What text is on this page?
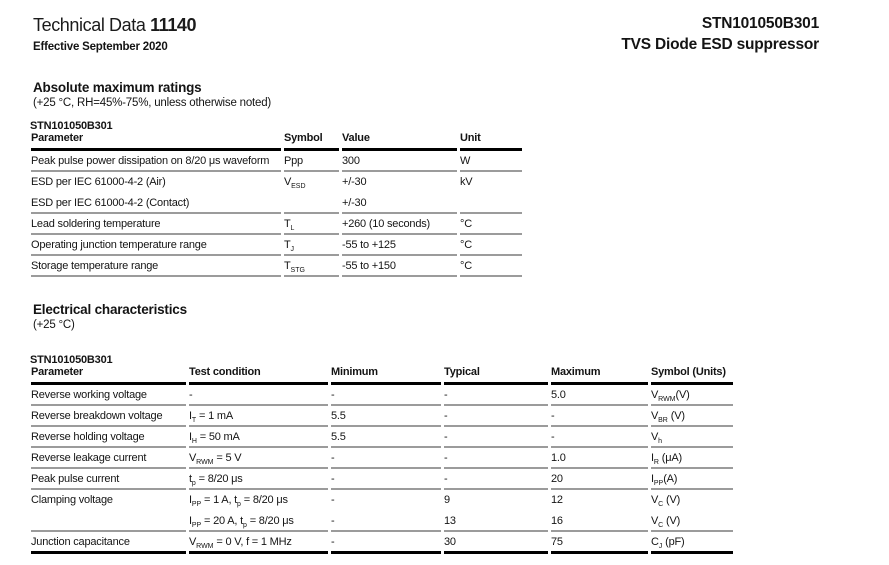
Technical Data 11140
Effective September 2020
STN101050B301
TVS Diode ESD suppressor
Absolute maximum ratings
(+25 °C, RH=45%-75%, unless otherwise noted)
STN101050B301
Parameter	Symbol	Value	Unit
Peak pulse power dissipation on 8/20 μs waveform	Ppp	300	W
ESD per IEC 61000-4-2 (Air)	$V_{ESD}$	+/-30	kV
ESD per IEC 61000-4-2 (Contact)		+/-30	
Lead soldering temperature	$T_L$	+260 (10 seconds)	°C
Operating junction temperature range	$T_J$	-55 to +125	°C
Storage temperature range	$T_{STG}$	-55 to +150	°C
Electrical characteristics
(+25 °C)
STN101050B301
Parameter	Test condition	Minimum	Typical	Maximum	Symbol (Units)
Reverse working voltage	-	-	-	5.0	$V_{RWM}(V)$
Reverse breakdown voltage	$I_T = 1$ mA	5.5	-	-	$V_{BR}$ (V)
Reverse holding voltage	$I_H = 50$ mA	5.5	-	-	$V_h$
Reverse leakage current	$V_{RWM} = 5$ V	-	-	1.0	$I_R$ (μA)
Peak pulse current	$t_p = 8/20$ μs	-	-	20	$I_{PP}(A)$
Clamping voltage	$I_{PP} = 1$ A, $t_p = 8/20$ μs	-	9	12	$V_C$ (V)
	$I_{PP} = 20$ A, $t_p = 8/20$ μs	-	13	16	$V_C$ (V)
Junction capacitance	$V_{RWM} = 0$ V, f = 1 MHz	-	30	75	$C_J$ (pF)
